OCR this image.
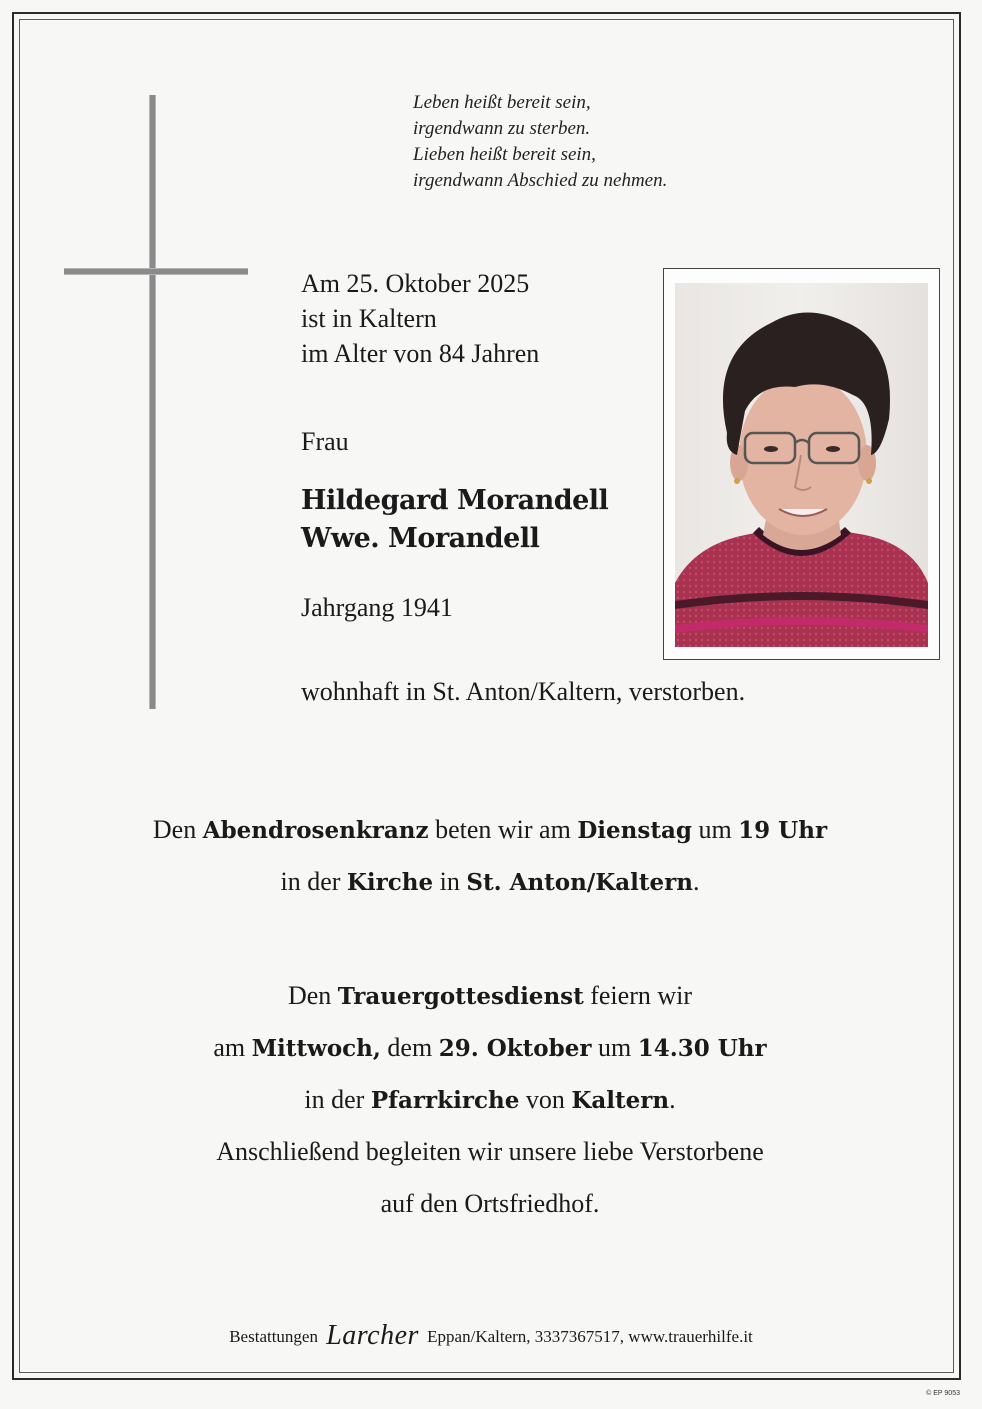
Leben heißt bereit sein,
irgendwann zu sterben.
Lieben heißt bereit sein,
irgendwann Abschied zu nehmen.
Am 25. Oktober 2025
ist in Kaltern
im Alter von 84 Jahren
Frau
Hildegard Morandell
Wwe. Morandell
Jahrgang 1941
wohnhaft in St. Anton/Kaltern, verstorben.
Den Abendrosenkranz beten wir am Dienstag um 19 Uhr
in der Kirche in St. Anton/Kaltern.
Den Trauergottesdienst feiern wir
am Mittwoch, dem 29. Oktober um 14.30 Uhr
in der Pfarrkirche von Kaltern.
Anschließend begleiten wir unsere liebe Verstorbene
auf den Ortsfriedhof.
Bestattungen Larcher Eppan/Kaltern, 3337367517, www.trauerhilfe.it
© EP 9053
